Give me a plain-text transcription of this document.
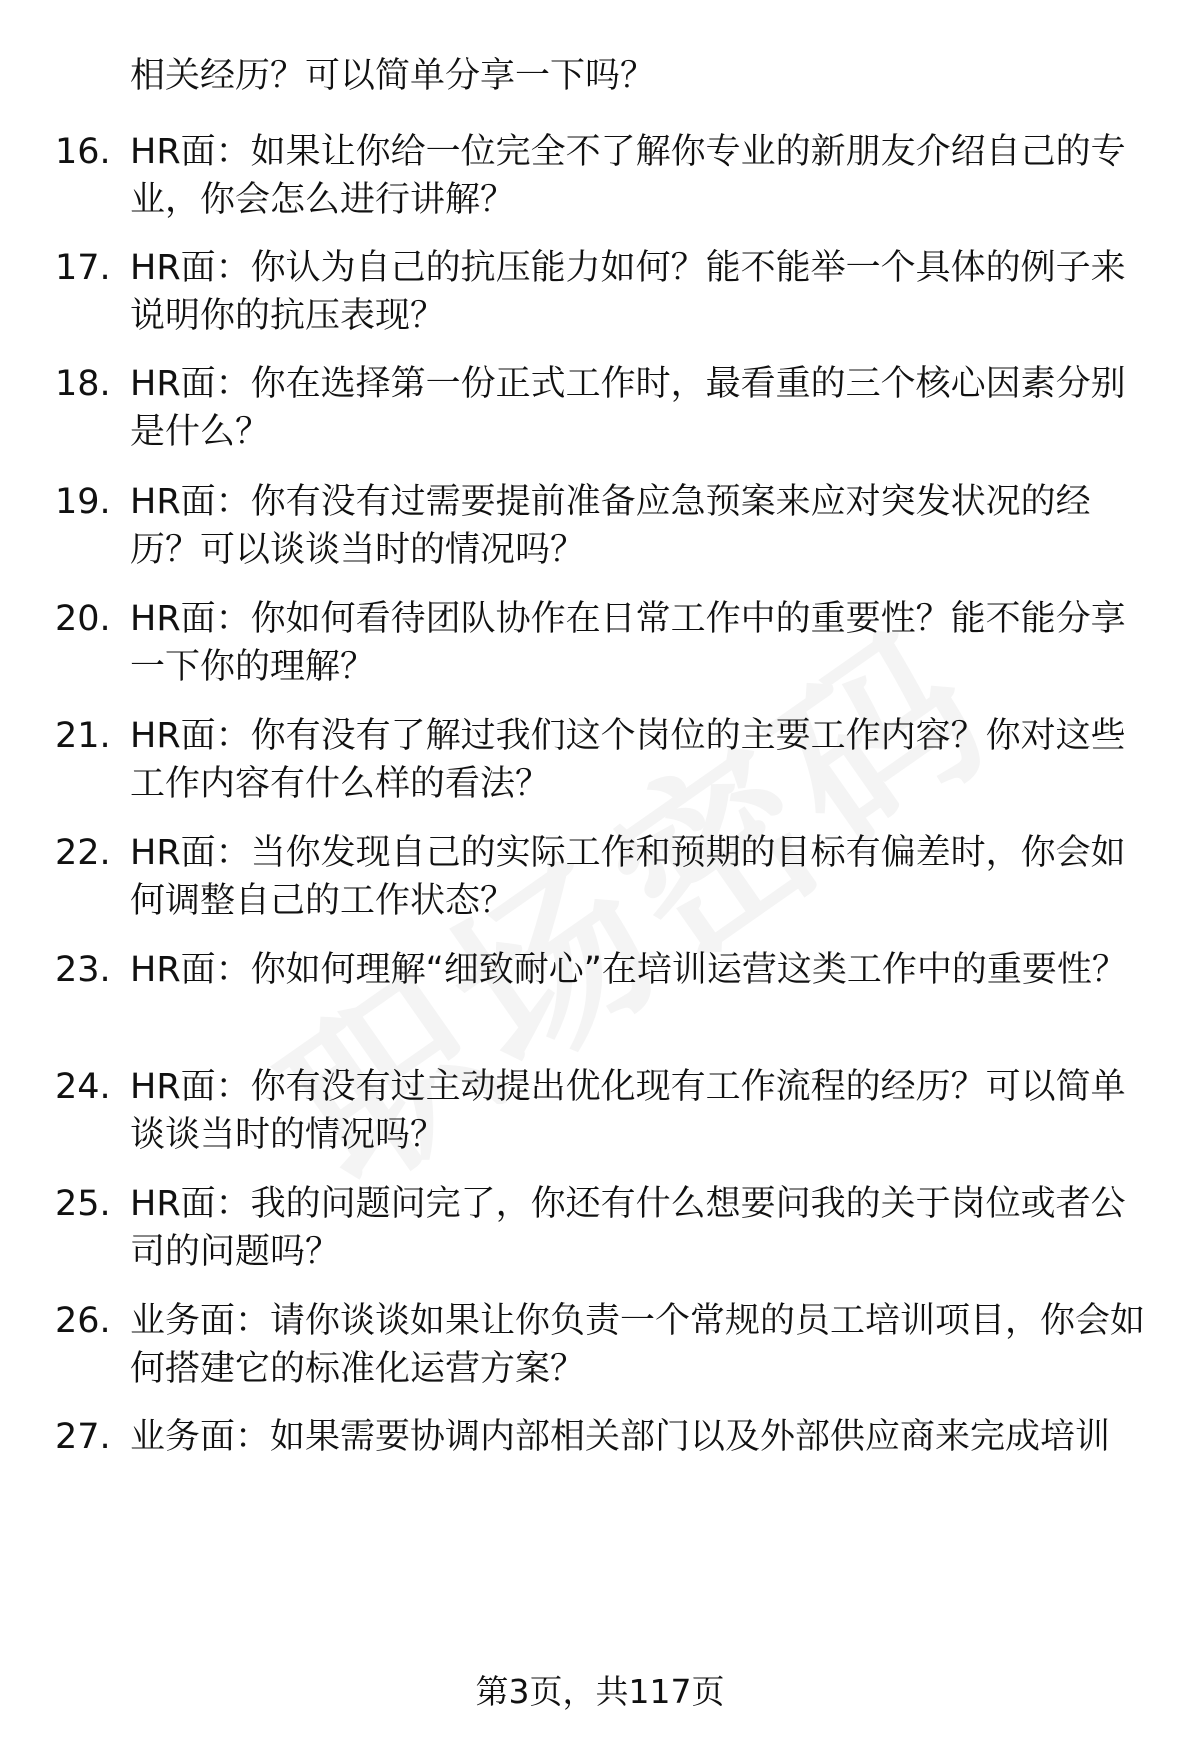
相关经历？可以简单分享一下吗？
16. HR面：如果让你给一位完全不了解你专业的新朋友介绍自己的专业，你会怎么进行讲解？
17. HR面：你认为自己的抗压能力如何？能不能举一个具体的例子来说明你的抗压表现？
18. HR面：你在选择第一份正式工作时，最看重的三个核心因素分别是什么？
19. HR面：你有没有过需要提前准备应急预案来应对突发状况的经历？可以谈谈当时的情况吗？
20. HR面：你如何看待团队协作在日常工作中的重要性？能不能分享一下你的理解？
21. HR面：你有没有了解过我们这个岗位的主要工作内容？你对这些工作内容有什么样的看法？
22. HR面：当你发现自己的实际工作和预期的目标有偏差时，你会如何调整自己的工作状态？
23. HR面：你如何理解“细致耐心”在培训运营这类工作中的重要性？
24. HR面：你有没有过主动提出优化现有工作流程的经历？可以简单谈谈当时的情况吗？
25. HR面：我的问题问完了，你还有什么想要问我的关于岗位或者公司的问题吗？
26. 业务面：请你谈谈如果让你负责一个常规的员工培训项目，你会如何搭建它的标准化运营方案？
27. 业务面：如果需要协调内部相关部门以及外部供应商来完成培训
第3页，共117页
